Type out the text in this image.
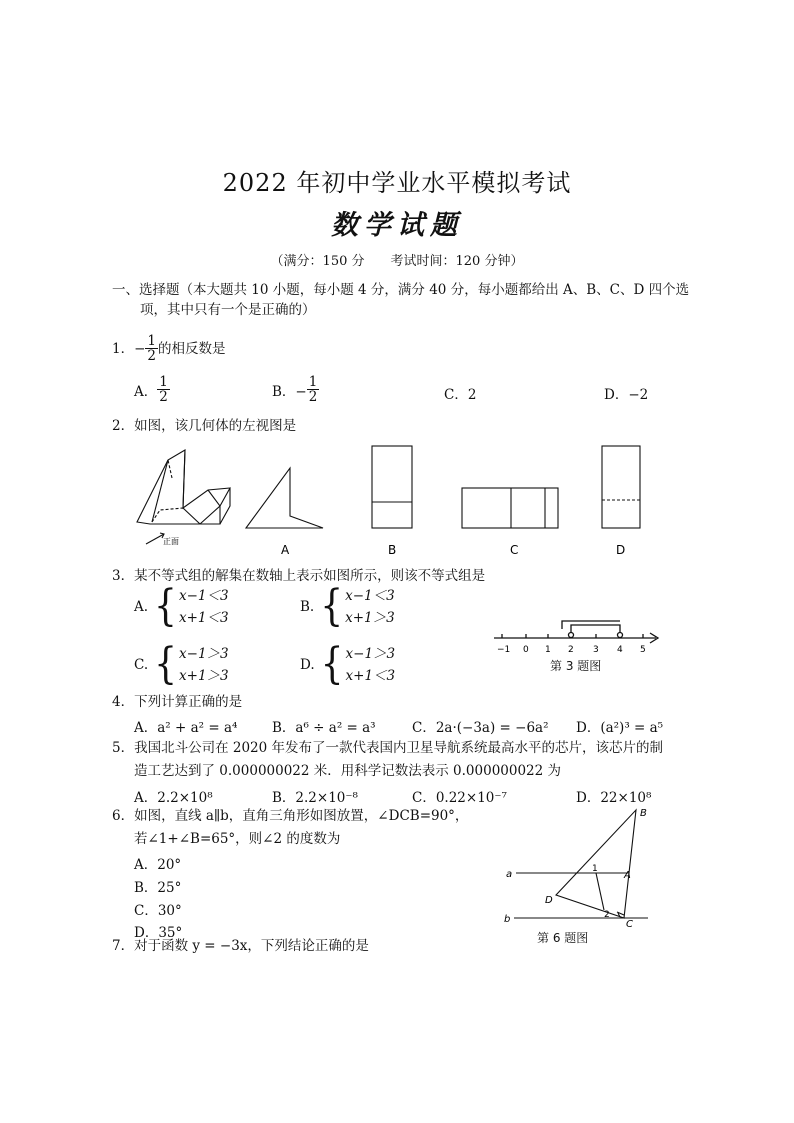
2022 年初中学业水平模拟考试
数学试题
（满分：150 分　　考试时间：120 分钟）
一、选择题（本大题共 10 小题，每小题 4 分，满分 40 分，每小题都给出 A、B、C、D 四个选
项，其中只有一个是正确的）
1． − $\frac{1}{2}$ 的相反数是
A． $\frac{1}{2}$	B．− $\frac{1}{2}$	C．2	D．−2
2．如图，该几何体的左视图是
正面
A	B	C	D
3．某不等式组的解集在数轴上表示如图所示，则该不等式组是
A. { x−1＜3
x+1＜3
B. { x−1＜3
x+1＞3
C. { x−1＞3
x+1＞3
D. { x−1＞3
x+1＜3
−1 0 1 2 3 4 5
第 3 题图
4．下列计算正确的是
A．a² + a² = a⁴	B．a⁶ ÷ a² = a³	C．2a·(−3a) = −6a² D．(a²)³ = a⁵
5．我国北斗公司在 2020 年发布了一款代表国内卫星导航系统最高水平的芯片，该芯片的制
造工艺达到了 0.000000022 米．用科学记数法表示 0.000000022 为
A．2.2×10⁸	B．2.2×10⁻⁸	C．0.22×10⁻⁷	D．22×10⁸
6．如图，直线 a∥b，直角三角形如图放置，∠DCB=90°，
若∠1+∠B=65°，则∠2 的度数为
A．20°
B．25°
C．30°
D．35°
a
b
B
A
C
D
1
2
第 6 题图
7．对于函数 y = −3x，下列结论正确的是
